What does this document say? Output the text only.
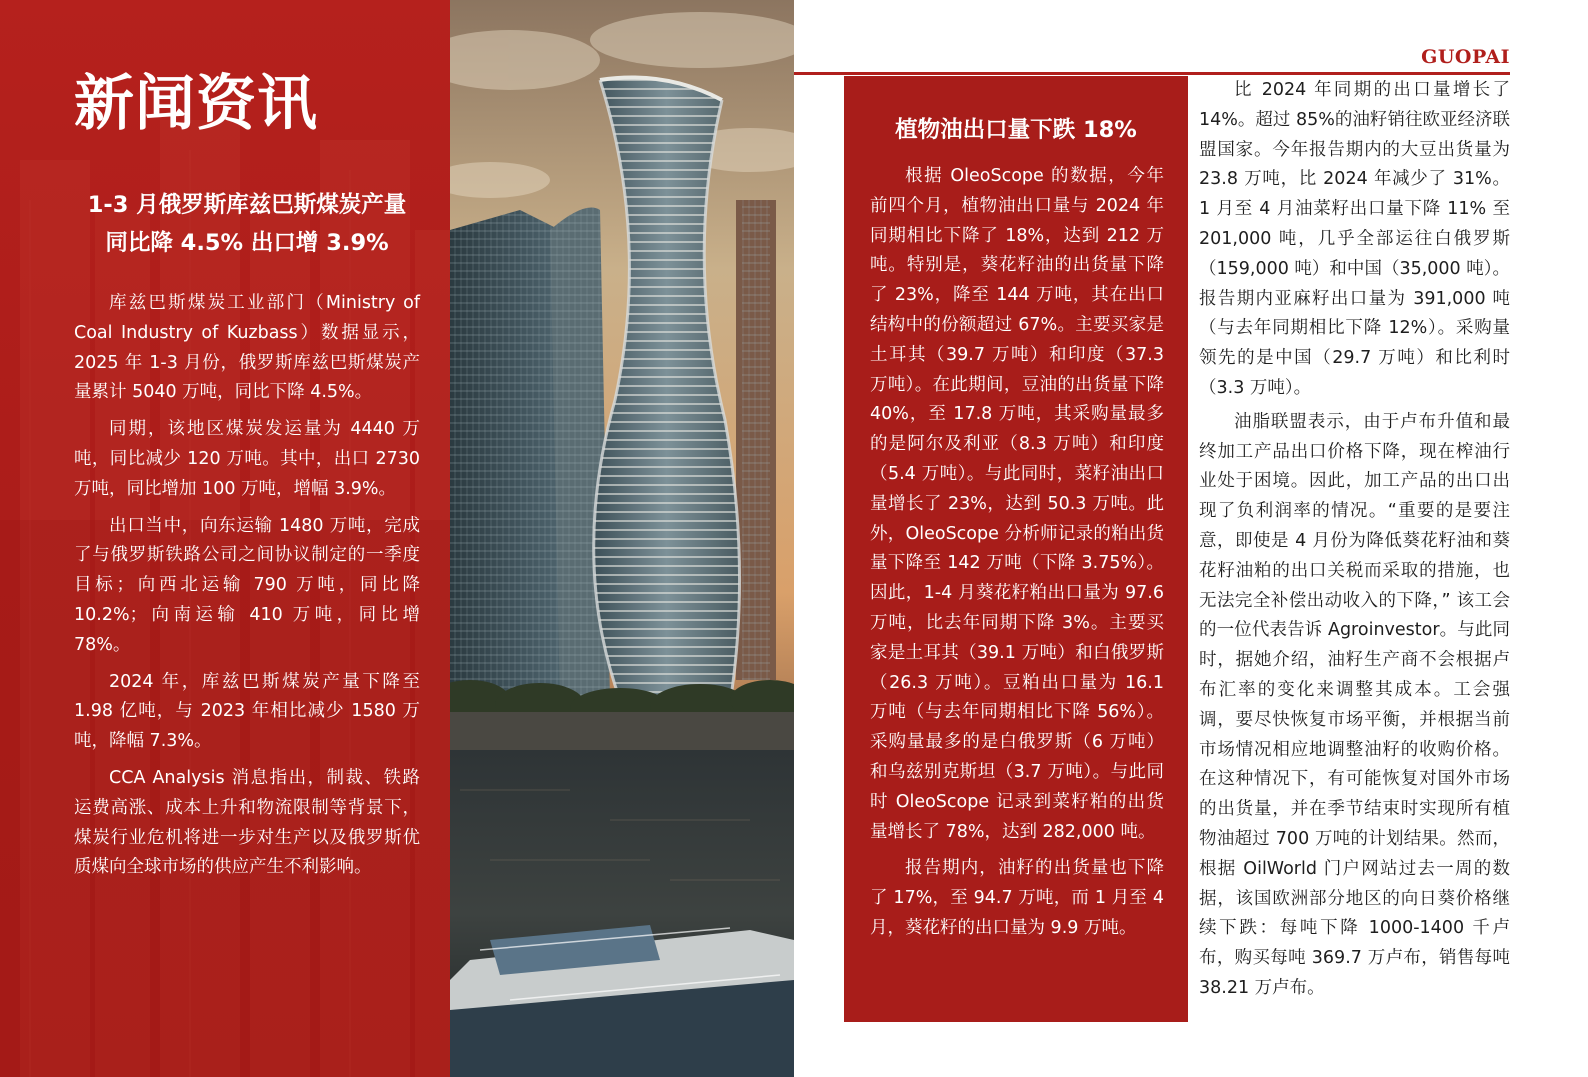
新闻资讯
1-3 月俄罗斯库兹巴斯煤炭产量
同比降 4.5% 出口增 3.9%

库兹巴斯煤炭工业部门（Ministry of Coal Industry of Kuzbass）数据显示，2025 年 1-3 月份，俄罗斯库兹巴斯煤炭产量累计 5040 万吨，同比下降 4.5%。

同期，该地区煤炭发运量为 4440 万吨，同比减少 120 万吨。其中，出口 2730 万吨，同比增加 100 万吨，增幅 3.9%。

出口当中，向东运输 1480 万吨，完成了与俄罗斯铁路公司之间协议制定的一季度目标；向西北运输 790 万吨，同比降 10.2%；向南运输 410 万吨，同比增 78%。

2024 年，库兹巴斯煤炭产量下降至 1.98 亿吨，与 2023 年相比减少 1580 万吨，降幅 7.3%。

CCA Analysis 消息指出，制裁、铁路运费高涨、成本上升和物流限制等背景下，煤炭行业危机将进一步对生产以及俄罗斯优质煤向全球市场的供应产生不利影响。

GUOPAI
植物油出口量下跌 18%

根据 OleoScope 的数据，今年前四个月，植物油出口量与 2024 年同期相比下降了 18%，达到 212 万吨。特别是，葵花籽油的出货量下降了 23%，降至 144 万吨，其在出口结构中的份额超过 67%。主要买家是土耳其（39.7 万吨）和印度（37.3 万吨）。在此期间，豆油的出货量下降 40%，至 17.8 万吨，其采购量最多的是阿尔及利亚（8.3 万吨）和印度（5.4 万吨）。与此同时，菜籽油出口量增长了 23%，达到 50.3 万吨。此外，OleoScope 分析师记录的粕出货量下降至 142 万吨（下降 3.75%）。因此，1-4 月葵花籽粕出口量为 97.6 万吨，比去年同期下降 3%。主要买家是土耳其（39.1 万吨）和白俄罗斯（26.3 万吨）。豆粕出口量为 16.1 万吨（与去年同期相比下降 56%）。采购量最多的是白俄罗斯（6 万吨）和乌兹别克斯坦（3.7 万吨）。与此同时 OleoScope 记录到菜籽粕的出货量增长了 78%，达到 282,000 吨。

报告期内，油籽的出货量也下降了 17%，至 94.7 万吨，而 1 月至 4 月，葵花籽的出口量为 9.9 万吨。

比 2024 年同期的出口量增长了 14%。超过 85%的油籽销往欧亚经济联盟国家。今年报告期内的大豆出货量为 23.8 万吨，比 2024 年减少了 31%。1 月至 4 月油菜籽出口量下降 11% 至 201,000 吨，几乎全部运往白俄罗斯（159,000 吨）和中国（35,000 吨）。报告期内亚麻籽出口量为 391,000 吨（与去年同期相比下降 12%）。采购量领先的是中国（29.7 万吨）和比利时（3.3 万吨）。

油脂联盟表示，由于卢布升值和最终加工产品出口价格下降，现在榨油行业处于困境。因此，加工产品的出口出现了负利润率的情况。“重要的是要注意，即使是 4 月份为降低葵花籽油和葵花籽油粕的出口关税而采取的措施，也无法完全补偿出动收入的下降，” 该工会的一位代表告诉 Agroinvestor。与此同时，据她介绍，油籽生产商不会根据卢布汇率的变化来调整其成本。工会强调，要尽快恢复市场平衡，并根据当前市场情况相应地调整油籽的收购价格。在这种情况下，有可能恢复对国外市场的出货量，并在季节结束时实现所有植物油超过 700 万吨的计划结果。然而，根据 OilWorld 门户网站过去一周的数据，该国欧洲部分地区的向日葵价格继续下跌：每吨下降 1000-1400 千卢布，购买每吨 369.7 万卢布，销售每吨 38.21 万卢布。
